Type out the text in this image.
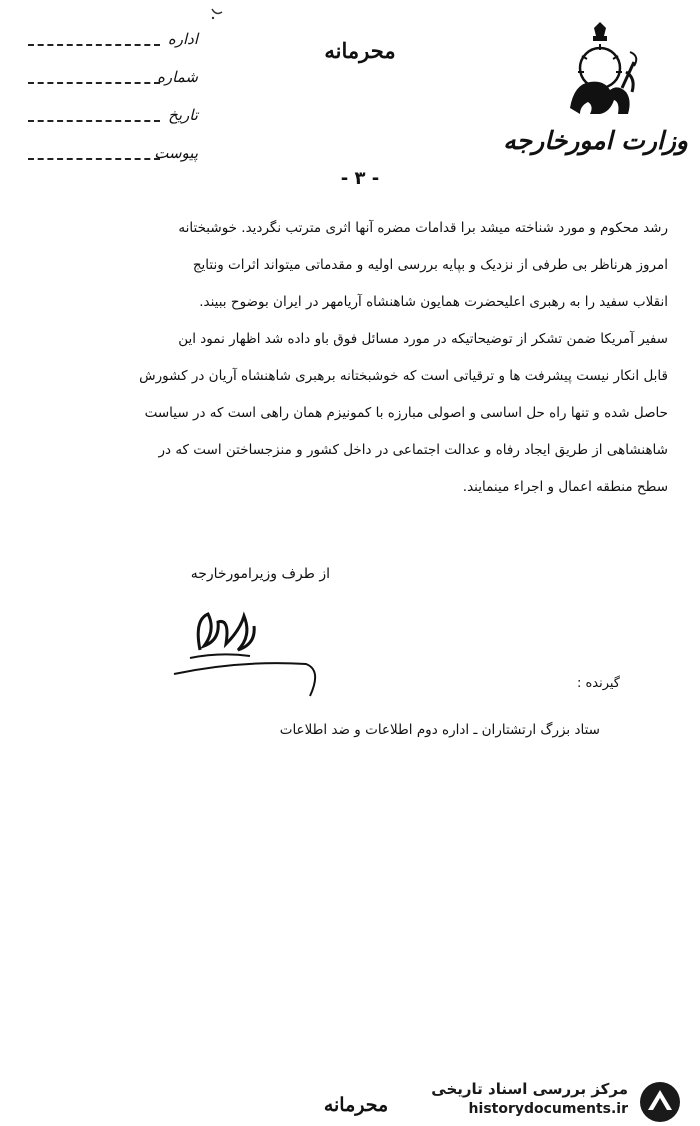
اداره
شماره
تاریخ
پیوست
محرمانه
وزارت امورخارجه
- ۳ -

رشد محکوم و مورد شناخته میشد برا قدامات مضره آنها اثری مترتب نگردید. خوشبختانه

امروز هرناظر بی طرفی از نزدیک و بپایه بررسی اولیه و مقدماتی میتواند اثرات ونتایج

انقلاب سفید را به رهبری اعلیحضرت همایون شاهنشاه آریامهر در ایران بوضوح ببیند.

سفیر آمریکا ضمن تشکر از توضیحاتیکه در مورد مسائل فوق باو داده شد اظهار نمود این

قابل انکار نیست پیشرفت ها و ترقیاتی است که خوشبختانه برهبری شاهنشاه آریان در کشورش

حاصل شده و تنها راه حل اساسی و اصولی مبارزه با کمونیزم همان راهی است که در سیاست

شاهنشاهی از طریق ایجاد رفاه و عدالت اجتماعی در داخل کشور و منزجساختن است که در

سطح منطقه اعمال و اجراء مینمایند.

از طرف وزیرامورخارجه
گیرنده :
ستاد بزرگ ارتشتاران ـ اداره دوم اطلاعات و ضد اطلاعات
محرمانه
مرکز بررسی اسناد تاریخی
historydocuments.ir
